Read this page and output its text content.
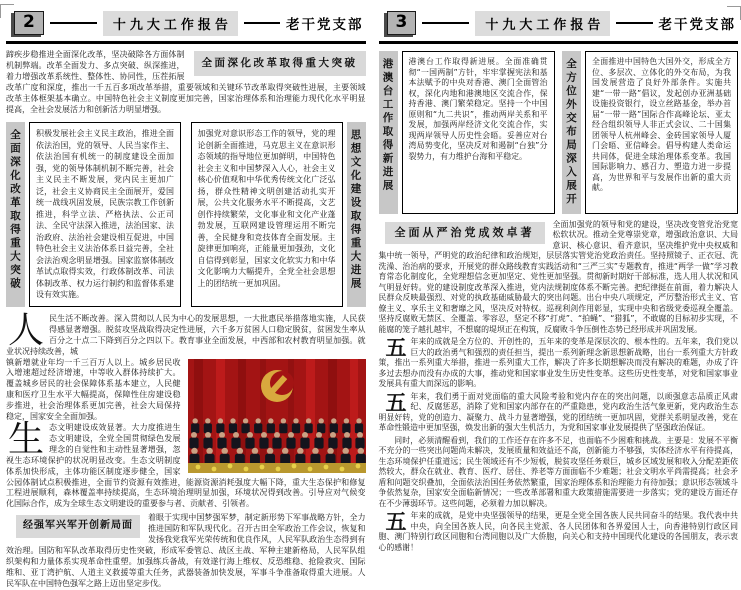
2	十九大工作报告	老干党支部
全面深化改革取得重大突破

蹄疾步稳推进全面深化改革，坚决破除各方面体制机制弊端。改革全面发力、多点突破、纵深推进，着力增强改革系统性、整体性、协同性，压茬拓展改革广度和深度，推出一千五百多项改革举措，重要领域和关键环节改革取得突破性进展，主要领域改革主体框架基本确立。中国特色社会主义制度更加完善，国家治理体系和治理能力现代化水平明显提高，全社会发展活力和创新活力明显增强。

全面深化改革取得重大突破	积极发展社会主义民主政治，推进全面依法治国，党的领导、人民当家作主、依法治国有机统一的制度建设全面加强，党的领导体制机制不断完善，社会主义民主不断发展，党内民主更加广泛，社会主义协商民主全面展开，爱国统一战线巩固发展，民族宗教工作创新推进，科学立法、严格执法、公正司法、全民守法深入推进，法治国家、法治政府、法治社会建设相互促进，中国特色社会主义法治体系日益完善，全社会法治观念明显增强。国家监察体制改革试点取得实效，行政体制改革、司法体制改革、权力运行制约和监督体系建设有效实施。
加强党对意识形态工作的领导，党的理论创新全面推进，马克思主义在意识形态领域的指导地位更加鲜明，中国特色社会主义和中国梦深入人心，社会主义核心价值观和中华优秀传统文化广泛弘扬，群众性精神文明创建活动扎实开展，公共文化服务水平不断提高，文艺创作持续繁荣，文化事业和文化产业蓬勃发展，互联网建设管理运用不断完善，全民健身和竞技体育全面发展。主旋律更加响亮，正能量更加强劲，文化自信得到彰显，国家文化软实力和中华文化影响力大幅提升，全党全社会思想上的团结统一更加巩固。	思想文化建设取得重大进展

人民生活不断改善。深入贯彻以人民为中心的发展思想，一大批惠民举措落地实施，人民获得感显著增强。脱贫攻坚战取得决定性进展，六千多万贫困人口稳定脱贫，贫困发生率从百分之十点二下降到百分之四以下。教育事业全面发展，中西部和农村教育明显加强。就业状况持续改善，城

镇新增就业年均一千三百万人以上。城乡居民收入增速超过经济增速，中等收入群体持续扩大。覆盖城乡居民的社会保障体系基本建立，人民健康和医疗卫生水平大幅提高，保障性住房建设稳步推进，社会治理体系更加完善，社会大局保持稳定，国家安全全面加强。

生态文明建设成效显著。大力度推进生态文明建设，全党全国贯彻绿色发展理念的自觉性和主动性显著增强，忽视生态环境保护的状况明显改变。生态文明制度体系加快形成，主体功能区制度逐步健全，国家公园体制试点积极推进，全面节约资源有效推进，能源资源消耗强度大幅下降，重大生态保护和修复工程进展顺利，森林覆盖率持续提高，生态环境治理明显加强，环境状况得到改善。引导应对气候变化国际合作，成为全球生态文明建设的重要参与者、贡献者、引领者。

经强军兴军开创新局面

着眼于实现中国梦强军梦，制定新形势下军事战略方针，全力推进国防和军队现代化。召开古田全军政治工作会议，恢复和发扬我党我军光荣传统和优良作风，人民军队政治生态得到有效治理。国防和军队改革取得历史性突破，形成军委管总、战区主战、军种主建新格局，人民军队组织架构和力量体系实现革命性重塑。加强练兵备战，有效遂行海上维权、反恐维稳、抢险救灾、国际维和、亚丁湾护航、人道主义救援等重大任务，武器装备加快发展，军事斗争准备取得重大进展。人民军队在中国特色强军之路上迈出坚定步伐。

3	十九大工作报告	老干党支部
港澳台工作取得新进展	港澳台工作取得新进展。全面准确贯彻“一国两制”方针，牢牢掌握宪法和基本法赋予的中央对香港、澳门全面管治权，深化内地和港澳地区交流合作，保持香港、澳门繁荣稳定。坚持一个中国原则和“九二共识”，推动两岸关系和平发展，加强两岸经济文化交流合作，实现两岸领导人历史性会晤。妥善应对台湾局势变化，坚决反对和遏制“台独”分裂势力，有力维护台海和平稳定。	全方位外交布局深入展开	全面推进中国特色大国外交，形成全方位、多层次、立体化的外交布局，为我国发展营造了良好外部条件。实施共建“一带一路”倡议，发起创办亚洲基础设施投资银行，设立丝路基金，举办首届“一带一路”国际合作高峰论坛、亚太经合组织领导人非正式会议、二十国集团领导人杭州峰会、金砖国家领导人厦门会晤、亚信峰会。倡导构建人类命运共同体，促进全球治理体系变革。我国国际影响力、感召力、塑造力进一步提高，为世界和平与发展作出新的重大贡献。
全面从严治党成效卓著

全面加强党的领导和党的建设，坚决改变管党治党宽松软状况。推动全党尊崇党章，增强政治意识、大局意识、核心意识、看齐意识，坚决维护党中央权威和集中统一领导，严明党的政治纪律和政治规矩，层层落实管党治党政治责任。坚持照镜子、正衣冠、洗洗澡、治治病的要求，开展党的群众路线教育实践活动和“三严三实”专题教育，推进“两学一做”学习教育常态化制度化，全党理想信念更加坚定、党性更加坚强。贯彻新时期好干部标准，选人用人状况和风气明显好转。党的建设制度改革深入推进，党内法规制度体系不断完善。把纪律挺在前面，着力解决人民群众反映最强烈、对党的执政基础威胁最大的突出问题。出台中央八项规定，严厉整治形式主义、官僚主义、享乐主义和奢靡之风，坚决反对特权。巡视利剑作用彰显，实现中央和省级党委巡视全覆盖。坚持反腐败无禁区、全覆盖、零容忍，坚定不移“打虎”、“拍蝇”、“猎狐”，不敢腐的目标初步实现，不能腐的笼子越扎越牢，不想腐的堤坝正在构筑，反腐败斗争压倒性态势已经形成并巩固发展。

五 年来的成就是全方位的、开创性的，五年来的变革是深层次的、根本性的。五年来，我们党以巨大的政治勇气和强烈的责任担当，提出一系列新理念新思想新战略，出台一系列重大方针政策，推出一系列重大举措，推进一系列重大工作，解决了许多长期想解决而没有解决的难题，办成了许多过去想办而没有办成的大事，推动党和国家事业发生历史性变革。这些历史性变革，对党和国家事业发展具有重大而深远的影响。

五 年来，我们勇于面对党面临的重大风险考验和党内存在的突出问题，以顽强意志品质正风肃纪、反腐惩恶，消除了党和国家内部存在的严重隐患，党内政治生活气象更新，党内政治生态明显好转，党的创造力、凝聚力、战斗力显著增强，党的团结统一更加巩固，党群关系明显改善，党在革命性锻造中更加坚强，焕发出新的强大生机活力，为党和国家事业发展提供了坚强政治保证。

同时，必须清醒看到，我们的工作还存在许多不足，也面临不少困难和挑战。主要是：发展不平衡不充分的一些突出问题尚未解决，发展质量和效益还不高，创新能力不够强，实体经济水平有待提高，生态环境保护任重道远；民生领域还有不少短板，脱贫攻坚任务艰巨，城乡区域发展和收入分配差距依然较大，群众在就业、教育、医疗、居住、养老等方面面临不少难题；社会文明水平尚需提高；社会矛盾和问题交织叠加，全面依法治国任务依然繁重，国家治理体系和治理能力有待加强；意识形态领域斗争依然复杂，国家安全面临新情况；一些改革部署和重大政策措施需要进一步落实；党的建设方面还存在不少薄弱环节。这些问题，必须着力加以解决。

五 年来的成就，是党中央坚强领导的结果，更是全党全国各族人民共同奋斗的结果。我代表中共中央，向全国各族人民，向各民主党派、各人民团体和各界爱国人士，向香港特别行政区同胞、澳门特别行政区同胞和台湾同胞以及广大侨胞，向关心和支持中国现代化建设的各国朋友，表示衷心的感谢！
